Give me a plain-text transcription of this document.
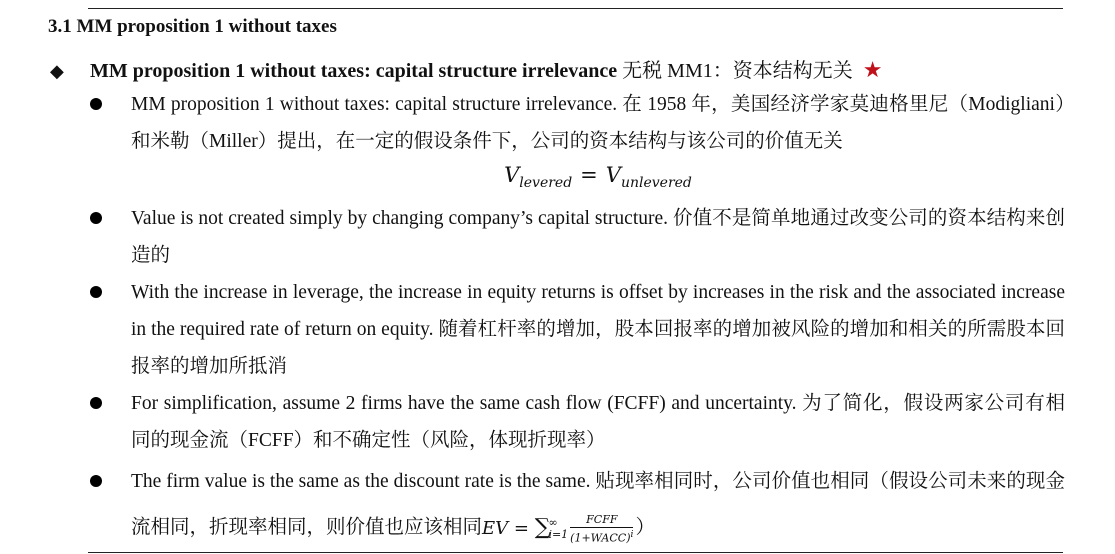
3.1 MM proposition 1 without taxes
◆ MM proposition 1 without taxes: capital structure irrelevance 无税 MM1：资本结构无关 ★
MM proposition 1 without taxes: capital structure irrelevance. 在 1958 年，美国经济学家莫迪格里尼（Modigliani）和米勒（Miller）提出，在一定的假设条件下，公司的资本结构与该公司的价值无关
$V_{levered} = V_{unlevered}$
Value is not created simply by changing company’s capital structure. 价值不是简单地通过改变公司的资本结构来创造的
With the increase in leverage, the increase in equity returns is offset by increases in the risk and the associated increase in the required rate of return on equity. 随着杠杆率的增加，股本回报率的增加被风险的增加和相关的所需股本回报率的增加所抵消
For simplification, assume 2 firms have the same cash flow (FCFF) and uncertainty. 为了简化，假设两家公司有相同的现金流（FCFF）和不确定性（风险，体现折现率）
The firm value is the same as the discount rate is the same. 贴现率相同时，公司价值也相同（假设公司未来的现金流相同，折现率相同，则价值也应该相同EV = ∑∞
$i=1 \frac{\text{FCFF}}{(1+WACC)^i}$ ）
